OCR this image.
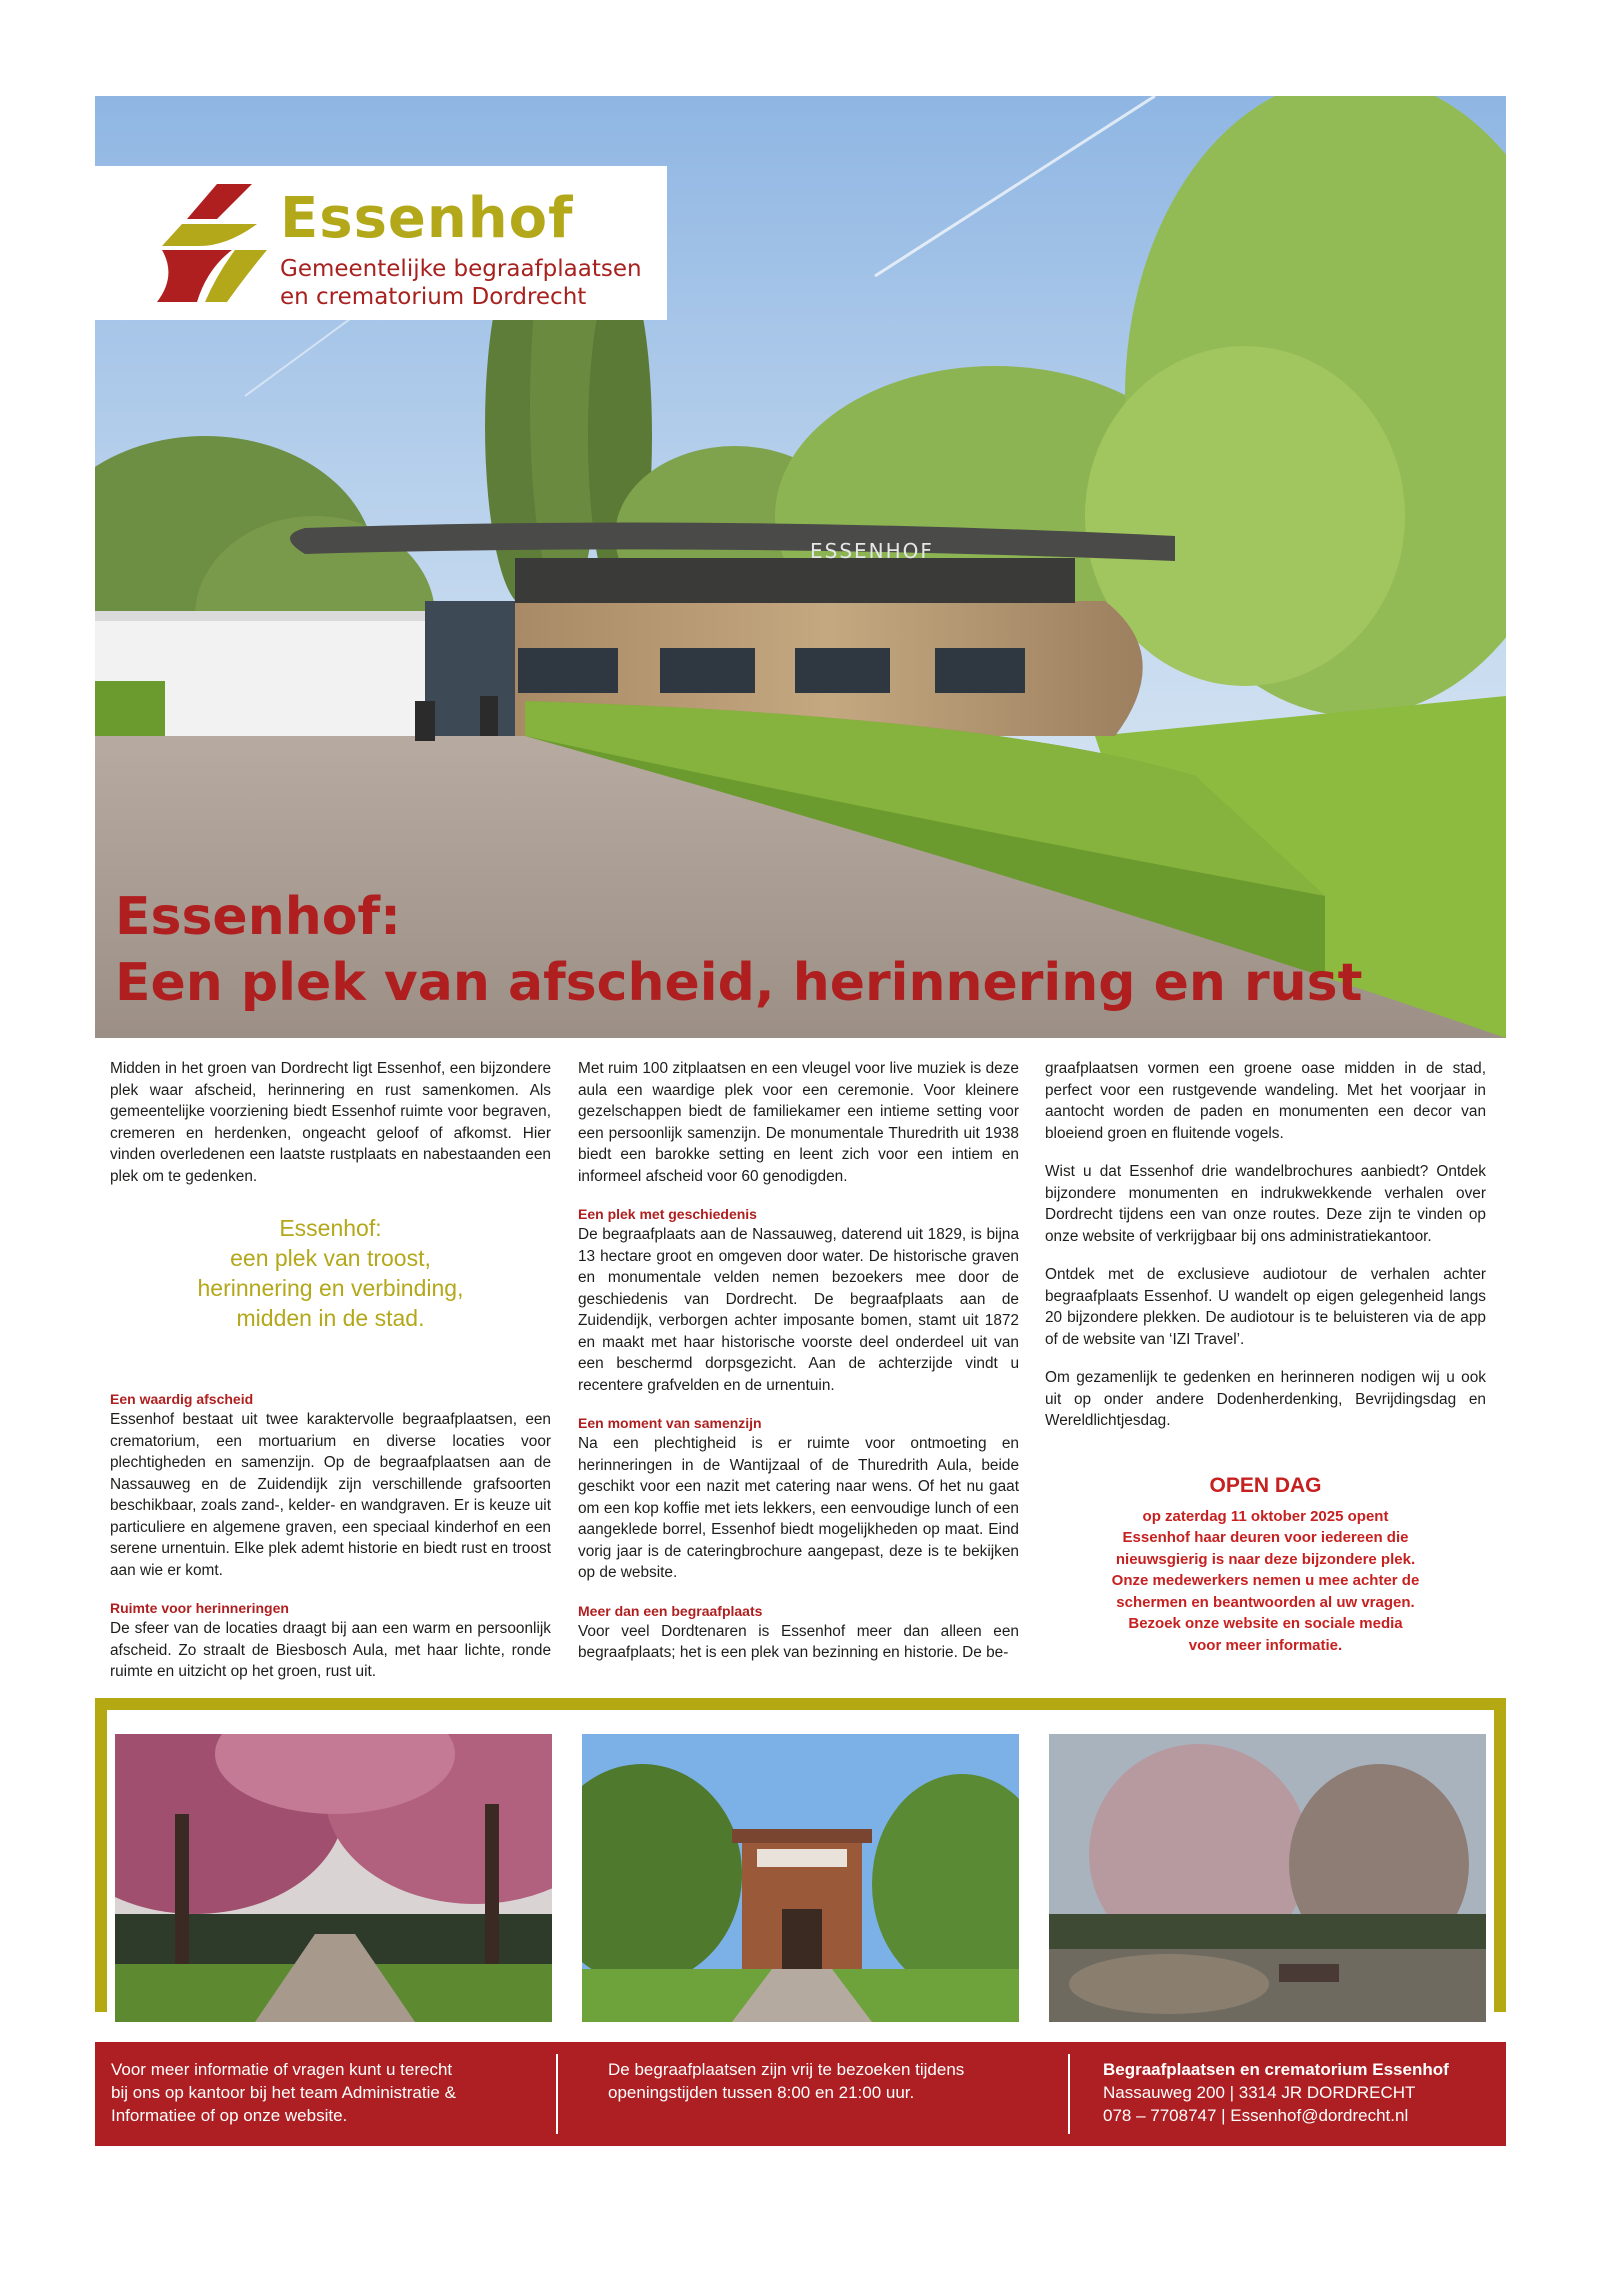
Essenhof
Gemeentelijke begraafplaatsen
en crematorium Dordrecht
ESSENHOF
Essenhof:
Een plek van afscheid, herinnering en rust

Midden in het groen van Dordrecht ligt Essenhof, een bijzondere plek waar afscheid, herinnering en rust samenkomen. Als gemeentelijke voorziening biedt Essenhof ruimte voor begraven, cremeren en herdenken, ongeacht geloof of afkomst. Hier vinden overledenen een laatste rustplaats en nabestaanden een plek om te gedenken.

Essenhof:
een plek van troost,
herinnering en verbinding,
midden in de stad.
Een waardig afscheid

Essenhof bestaat uit twee karaktervolle begraafplaatsen, een crematorium, een mortuarium en diverse locaties voor plechtigheden en samenzijn. Op de begraafplaatsen aan de Nassauweg en de Zuidendijk zijn verschillende grafsoorten beschikbaar, zoals zand-, kelder- en wandgraven. Er is keuze uit particuliere en algemene graven, een speciaal kinderhof en een serene urnentuin. Elke plek ademt historie en biedt rust en troost aan wie er komt.

Ruimte voor herinneringen

De sfeer van de locaties draagt bij aan een warm en persoonlijk afscheid. Zo straalt de Biesbosch Aula, met haar lichte, ronde ruimte en uitzicht op het groen, rust uit.

Met ruim 100 zitplaatsen en een vleugel voor live muziek is deze aula een waardige plek voor een ceremonie. Voor kleinere gezelschappen biedt de familiekamer een intieme setting voor een persoonlijk samenzijn. De monumentale Thuredrith uit 1938 biedt een barokke setting en leent zich voor een intiem en informeel afscheid voor 60 genodigden.

Een plek met geschiedenis

De begraafplaats aan de Nassauweg, daterend uit 1829, is bijna 13 hectare groot en omgeven door water. De historische graven en monumentale velden nemen bezoekers mee door de geschiedenis van Dordrecht. De begraafplaats aan de Zuidendijk, verborgen achter imposante bomen, stamt uit 1872 en maakt met haar historische voorste deel onderdeel uit van een beschermd dorpsgezicht. Aan de achterzijde vindt u recentere grafvelden en de urnentuin.

Een moment van samenzijn

Na een plechtigheid is er ruimte voor ontmoeting en herinneringen in de Wantijzaal of de Thuredrith Aula, beide geschikt voor een nazit met catering naar wens. Of het nu gaat om een kop koffie met iets lekkers, een eenvoudige lunch of een aangeklede borrel, Essenhof biedt mogelijkheden op maat. Eind vorig jaar is de cateringbrochure aangepast, deze is te bekijken op de website.

Meer dan een begraafplaats

Voor veel Dordtenaren is Essenhof meer dan alleen een begraafplaats; het is een plek van bezinning en historie. De be-

graafplaatsen vormen een groene oase midden in de stad, perfect voor een rustgevende wandeling. Met het voorjaar in aantocht worden de paden en monumenten een decor van bloeiend groen en fluitende vogels.

Wist u dat Essenhof drie wandelbrochures aanbiedt? Ontdek bijzondere monumenten en indrukwekkende verhalen over Dordrecht tijdens een van onze routes. Deze zijn te vinden op onze website of verkrijgbaar bij ons administratiekantoor.

Ontdek met de exclusieve audiotour de verhalen achter begraafplaats Essenhof. U wandelt op eigen gelegenheid langs 20 bijzondere plekken. De audiotour is te beluisteren via de app of de website van ‘IZI Travel’.

Om gezamenlijk te gedenken en herinneren nodigen wij u ook uit op onder andere Dodenherdenking, Bevrijdingsdag en Wereldlichtjesdag.

OPEN DAG
op zaterdag 11 oktober 2025 opent
Essenhof haar deuren voor iedereen die
nieuwsgierig is naar deze bijzondere plek.
Onze medewerkers nemen u mee achter de
schermen en beantwoorden al uw vragen.
Bezoek onze website en sociale media
voor meer informatie.
Voor meer informatie of vragen kunt u terecht
bij ons op kantoor bij het team Administratie &
Informatiee of op onze website.
De begraafplaatsen zijn vrij te bezoeken tijdens
openingstijden tussen 8:00 en 21:00 uur.
Begraafplaatsen en crematorium Essenhof
Nassauweg 200 | 3314 JR DORDRECHT
078 – 7708747 | Essenhof@dordrecht.nl
